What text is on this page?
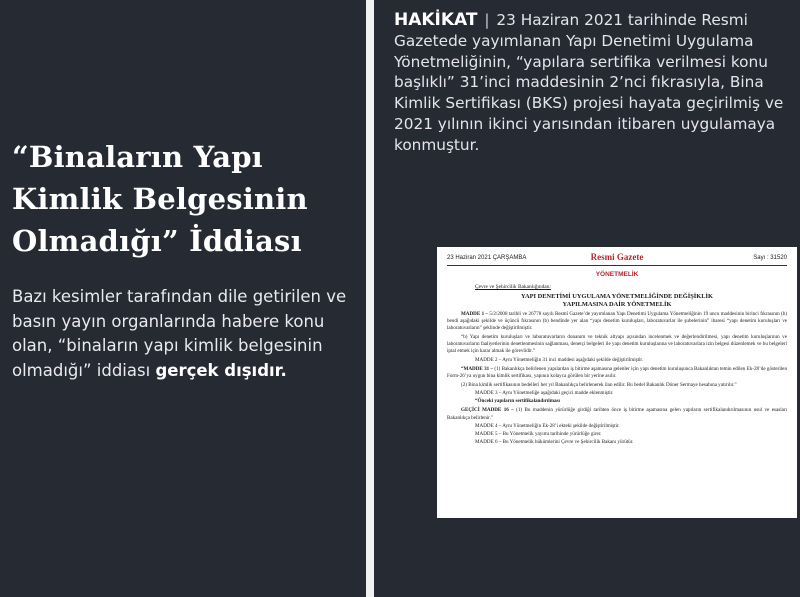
“Binaların Yapı Kimlik Belgesinin Olmadığı” İddiası
Bazı kesimler tarafından dile getirilen ve basın yayın organlarında habere konu olan, “binaların yapı kimlik belgesinin olmadığı” iddiası gerçek dışıdır.
HAKİKAT | 23 Haziran 2021 tarihinde Resmi Gazetede yayımlanan Yapı Denetimi Uygulama Yönetmeliğinin, “yapılara sertifika verilmesi konu başlıklı” 31’inci maddesinin 2’nci fıkrasıyla, Bina Kimlik Sertifikası (BKS) projesi hayata geçirilmiş ve 2021 yılının ikinci yarısından itibaren uygulamaya konmuştur.
23 Haziran 2021 ÇARŞAMBA	Resmi Gazete	Sayı : 31520
YÖNETMELİK
Çevre ve Şehircilik Bakanlığından:
YAPI DENETİMİ UYGULAMA YÖNETMELİĞİNDE DEĞİŞİKLİK
YAPILMASINA DAİR YÖNETMELİK
MADDE 1 – 5/2/2008 tarihli ve 26778 sayılı Resmî Gazete’de yayımlanan Yapı Denetimi Uygulama Yönetmeliğinin 19 uncu maddesinin birinci fıkrasının (b) bendi aşağıdaki şekilde ve üçüncü fıkrasının (b) bendinde yer alan “yapı denetim kuruluşları, laboratuvarlar ile şubelerinin” ibaresi “yapı denetim kuruluşları ve laboratuvarların” şeklinde değiştirilmiştir.
“b) Yapı denetim kuruluşları ve laboratuvarların donanım ve teknik altyapı açısından incelenmek ve değerlendirilmesi, yapı denetim kuruluşlarının ve laboratuvarların faaliyetlerinin denetlenmesinin sağlanması, denetçi belgeleri ile yapı denetim kuruluşlarına ve laboratuvarlara izin belgesi düzenlemek ve bu belgeleri iptal etmek için karar almak ile görevlidir.”
MADDE 2 – Aynı Yönetmeliğin 31 inci maddesi aşağıdaki şekilde değiştirilmiştir.
“MADDE 31 – (1) Bakanlıkça belirlenen yapılardan iş bitirme aşamasına gelenler için yapı denetim kuruluşunca Bakanlıktan temin edilen Ek-28’de gösterilen Form-26’ya uygun bina kimlik sertifikası, yapının kolayca görülen bir yerine asılır.
(2) Bina kimlik sertifikasının bedelleri her yıl Bakanlıkça belirlenerek ilan edilir. Bu bedel Bakanlık Döner Sermaye hesabına yatırılır.”
MADDE 3 – Aynı Yönetmeliğe aşağıdaki geçici madde eklenmiştir.
“Önceki yapıların sertifikalandırılması
GEÇİCİ MADDE 16 – (1) Bu maddenin yürürlüğe girdiği tarihten önce iş bitirme aşamasına gelen yapıların sertifikalandırılmasının usul ve esasları Bakanlıkça belirlenir.”
MADDE 4 – Aynı Yönetmeliğin Ek-28’i ekteki şekilde değiştirilmiştir.
MADDE 5 – Bu Yönetmelik yayımı tarihinde yürürlüğe girer.
MADDE 6 – Bu Yönetmelik hükümlerini Çevre ve Şehircilik Bakanı yürütür.
